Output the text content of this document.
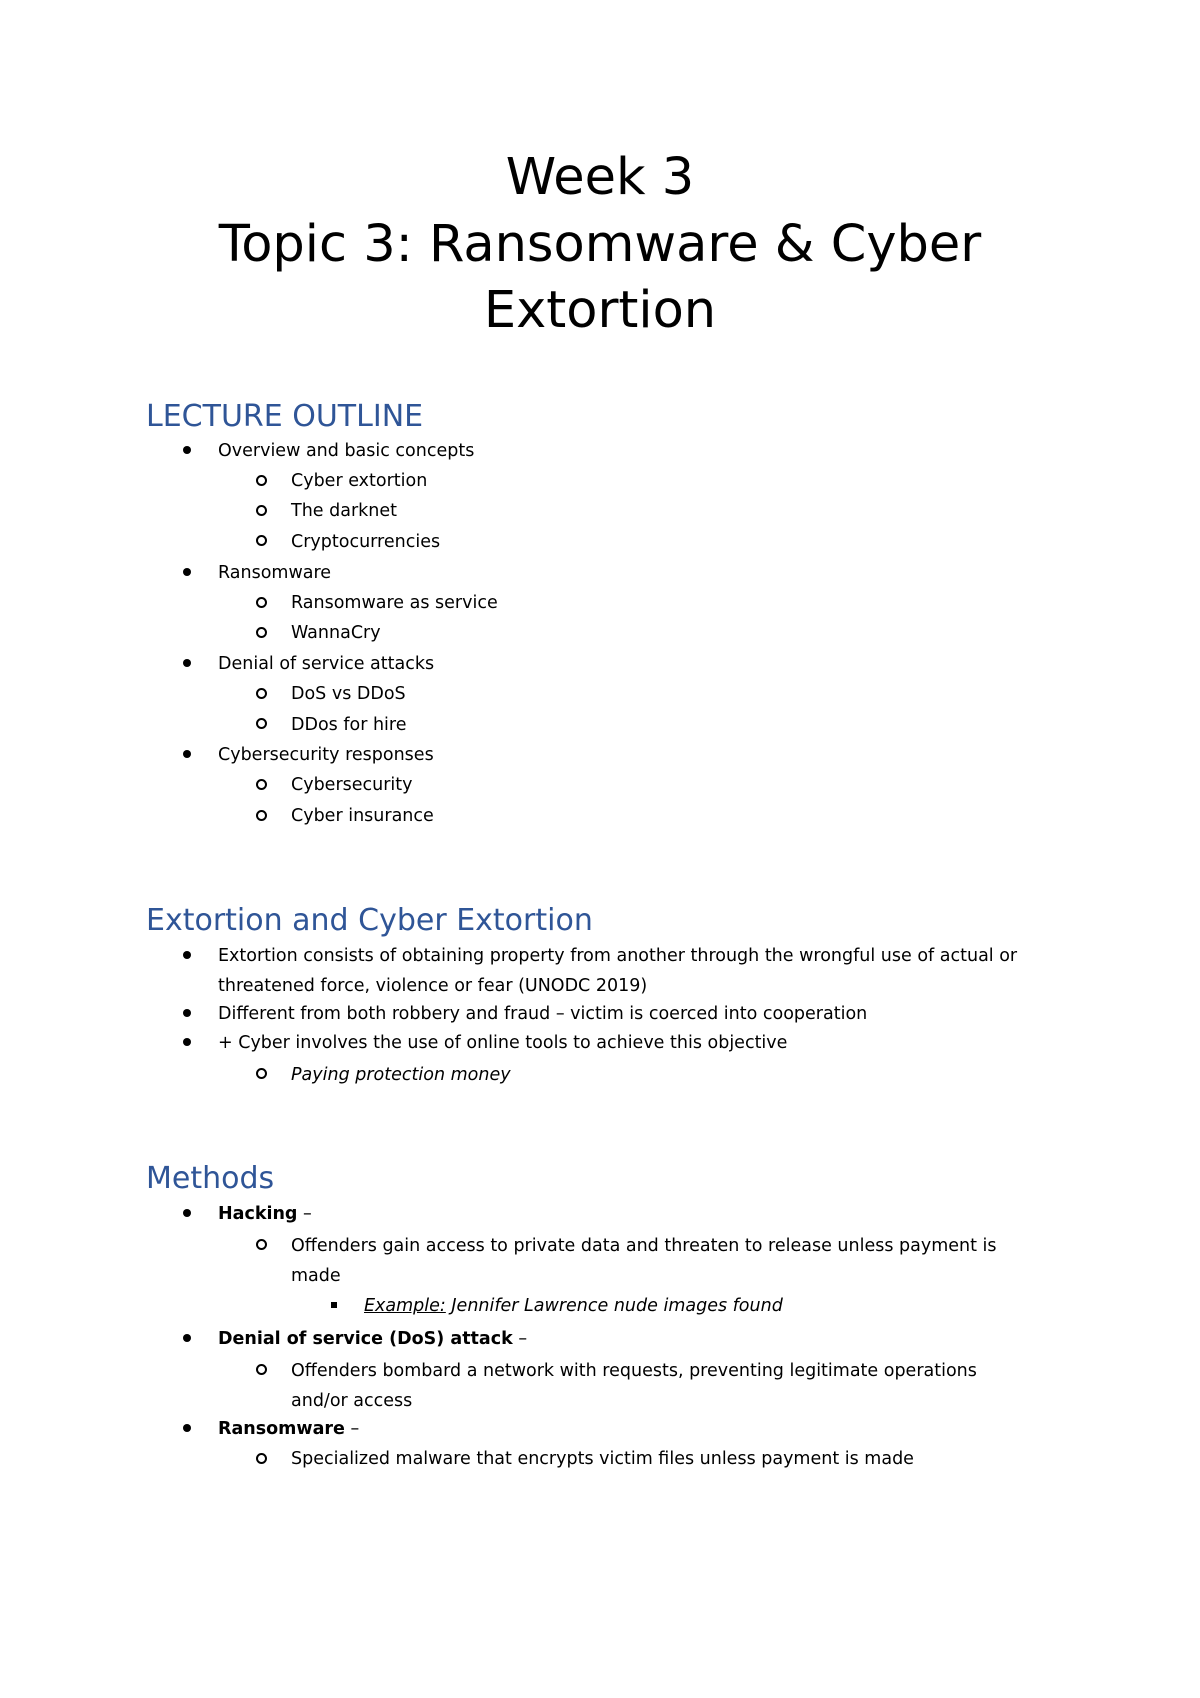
Week 3
Topic 3: Ransomware & Cyber
Extortion
LECTURE OUTLINE
Overview and basic concepts
Cyber extortion
The darknet
Cryptocurrencies
Ransomware
Ransomware as service
WannaCry
Denial of service attacks
DoS vs DDoS
DDos for hire
Cybersecurity responses
Cybersecurity
Cyber insurance
Extortion and Cyber Extortion
Extortion consists of obtaining property from another through the wrongful use of actual or
threatened force, violence or fear (UNODC 2019)
Different from both robbery and fraud – victim is coerced into cooperation
+ Cyber involves the use of online tools to achieve this objective
Paying protection money
Methods
Hacking –
Offenders gain access to private data and threaten to release unless payment is
made
Example: Jennifer Lawrence nude images found
Denial of service (DoS) attack –
Offenders bombard a network with requests, preventing legitimate operations
and/or access
Ransomware –
Specialized malware that encrypts victim files unless payment is made
